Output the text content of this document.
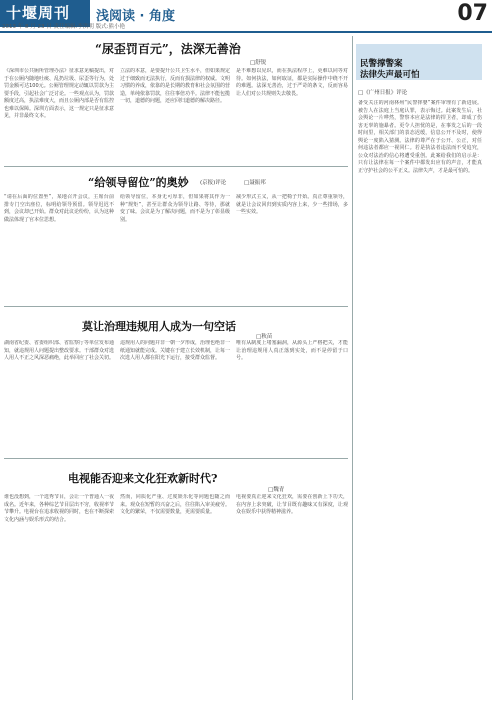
十堰周刊	浅阅读 · 角度	07
2013 年 8 月 23 日 责任编辑:李洪明 版式:熊小艳
“尿歪罚百元”，法深无善治
□舒锐
《深圳市公共厕所管理办法》征求意见稿提出，对于在公厕内随地吐痰、乱扔垃圾、尿歪等行为，处罚金额可达100元。公厕管理规定动辄以罚款为主要手段，引起社会广泛讨论。一些观点认为，罚款额度过高，执法难度大，而且公厕内部是否有监控也难以保障。深圳方面表示，这一规定只是征求意见，并非最终文本。
立法的本意，是要提升公共卫生水平，但如果规定过于细致而无法执行，反而有损法律的权威。文明习惯的养成，依靠的是长期的教育和社会氛围的营造，单纯依靠罚款，往往事倍功半。法律不能包揽一切，道德的问题，还应回归道德的解决路径。
是不难想以见识，而在执法程序上，更难以同等对待。如何执法，如何取证，都是实际操作中绕不开的难题。法深无善治，过于严苛的条文，反而容易让人们对公共规则失去敬畏。
“给领导留位”的奥妙 (京报)评论	□聂振邦
“请在后面的位置坐”，某地召开会议，主席台前排专门空出座位，标明给领导预留。领导迟迟不到，会议却已开始。群众对此议论纷纷，认为这种做法体现了官本位思想。
给领导留位，本身无可厚非，但如果将其作为一种“规矩”，甚至让群众为领导让路、等待，那就变了味。会议是为了解决问题，而不是为了彰显级别。
减少形式主义，从一把椅子开始。真正尊重领导，就是让会议回归到实质内容上来，少一些排场，多一些实效。
莫让治理违规用人成为一句空话
□秋苗
湖南省纪委、省委组织部、省监察厅等单位发布通知，就违规用人问题提出整改要求。干部群众对选人用人不正之风深恶痛绝，此举回应了社会关切。
违规用人的问题并非一朝一夕形成，治理也绝非一纸通知就能完成。关键在于建立长效机制，让每一次选人用人都在阳光下运行，接受群众监督。
唯有从制度上堵塞漏洞，从源头上严格把关，才能让治理违规用人真正落到实处，而不是停留于口号。
电视能否迎来文化狂欢新时代?
□魏青
谁也没想到，一个选秀节目，会让一个普通人一夜成名。近年来，各种综艺节目层出不穷，收视率节节攀升。电视台在追求收视的同时，也在不断探索文化内涵与娱乐形式的结合。
然而，同质化严重、过度娱乐化等问题也随之而来。观众在短暂的兴奋之后，往往陷入审美疲劳。文化的繁荣，不仅需要数量，更需要质量。
电视要真正迎来文化狂欢，需要在创新上下功夫，在内容上求突破，让节目既有趣味又有深度，让观众在娱乐中获得精神滋养。
民警撑警案
法律失声最可怕
□《广州日报》评论
备受关注的河南林州“民警摔婴”案件审理有了新进展。被告人在法庭上当庭认罪，表示悔过。此案发生后，社会舆论一片哗然，警察本应是法律的捍卫者，却成了伤害无辜的施暴者。更令人担忧的是，在事发之后的一段时间里，相关部门的表态迟缓，信息公开不及时，使得舆论一度陷入猜测。法律的尊严在于公开、公正，对任何违法者都应一视同仁。若是执法者违法而不受追究，公众对法治的信心将遭受重创。此案给我们的启示是：只有让法律在每一个案件中都发出应有的声音，才能真正守护社会的公平正义。法律失声，才是最可怕的。
